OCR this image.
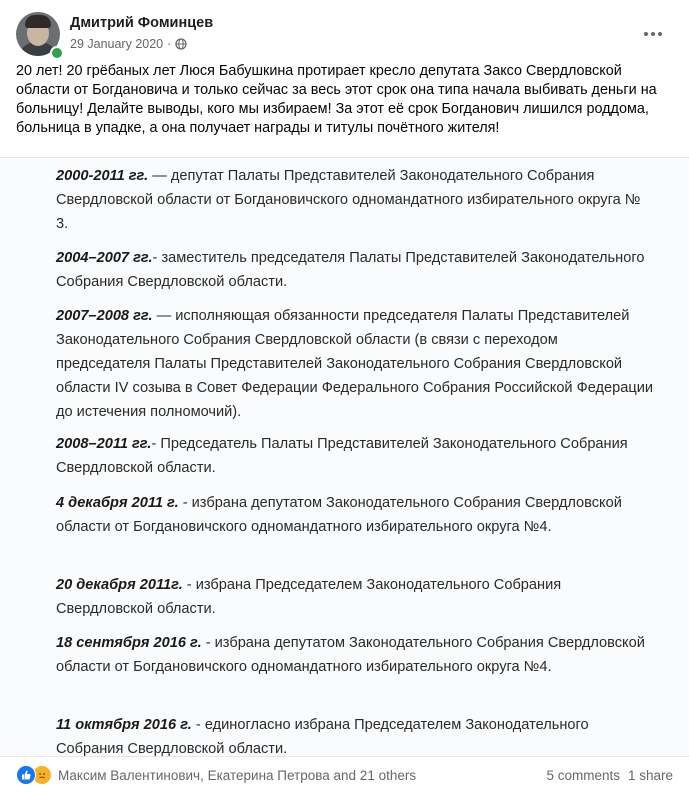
Дмитрий Фоминцев
29 January 2020 ·
20 лет! 20 грёбаных лет Люся Бабушкина протирает кресло депутата Заксо Свердловской области от Богдановича и только сейчас за весь этот срок она типа начала выбивать деньги на больницу! Делайте выводы, кого мы избираем! За этот её срок Богданович лишился роддома, больница в упадке, а она получает награды и титулы почётного жителя!
2000-2011 гг. — депутат Палаты Представителей Законодательного Собрания Свердловской области от Богдановичского одномандатного избирательного округа № 3.
2004–2007 гг.- заместитель председателя Палаты Представителей Законодательного Собрания Свердловской области.
2007–2008 гг. — исполняющая обязанности председателя Палаты Представителей Законодательного Собрания Свердловской области (в связи с переходом председателя Палаты Представителей Законодательного Собрания Свердловской области IV созыва в Совет Федерации Федерального Собрания Российской Федерации до истечения полномочий).
2008–2011 гг.- Председатель Палаты Представителей Законодательного Собрания Свердловской области.
4 декабря 2011 г. - избрана депутатом Законодательного Собрания Свердловской области от Богдановичского одномандатного избирательного округа №4.
20 декабря 2011г. - избрана Председателем Законодательного Собрания Свердловской области.
18 сентября 2016 г. - избрана депутатом Законодательного Собрания Свердловской области от Богдановичского одномандатного избирательного округа №4.
11 октября 2016 г. - единогласно избрана Председателем Законодательного Собрания Свердловской области.
Максим Валентинович, Екатерина Петрова and 21 others	5 comments 1 share
